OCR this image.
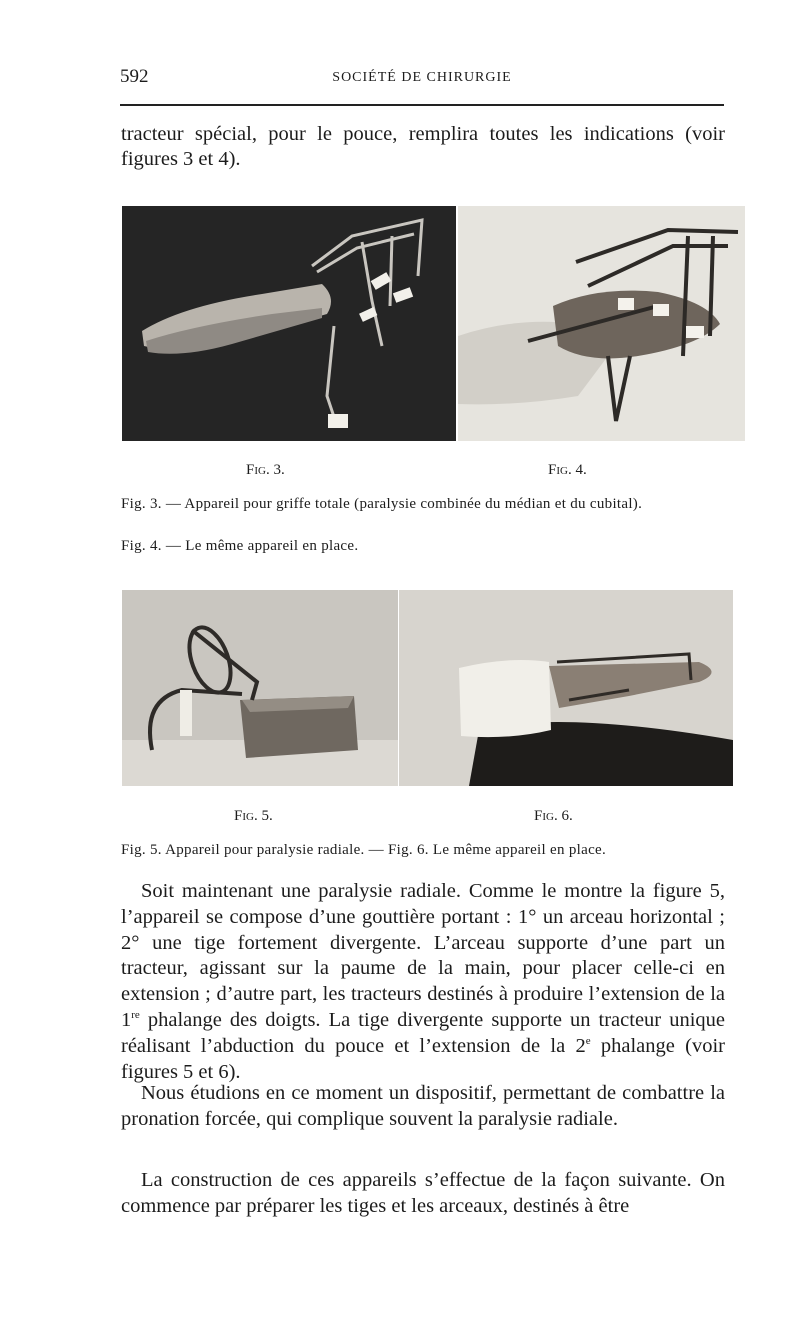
592	SOCIÉTÉ DE CHIRURGIE
tracteur spécial, pour le pouce, remplira toutes les indications (voir figures 3 et 4).
Fig. 3.	Fig. 4.
Fig. 3. — Appareil pour griffe totale (paralysie combinée du médian et du cubital).
Fig. 4. — Le même appareil en place.
Fig. 5.	Fig. 6.
Fig. 5. Appareil pour paralysie radiale. — Fig. 6. Le même appareil en place.
Soit maintenant une paralysie radiale. Comme le montre la figure 5, l’appareil se compose d’une gouttière portant : 1° un arceau horizontal ; 2° une tige fortement divergente. L’arceau supporte d’une part un tracteur, agissant sur la paume de la main, pour placer celle-ci en extension ; d’autre part, les tracteurs destinés à produire l’extension de la 1re phalange des doigts. La tige divergente supporte un tracteur unique réalisant l’abduction du pouce et l’extension de la 2e phalange (voir figures 5 et 6).
Nous étudions en ce moment un dispositif, permettant de combattre la pronation forcée, qui complique souvent la paralysie radiale.
La construction de ces appareils s’effectue de la façon suivante. On commence par préparer les tiges et les arceaux, destinés à être
